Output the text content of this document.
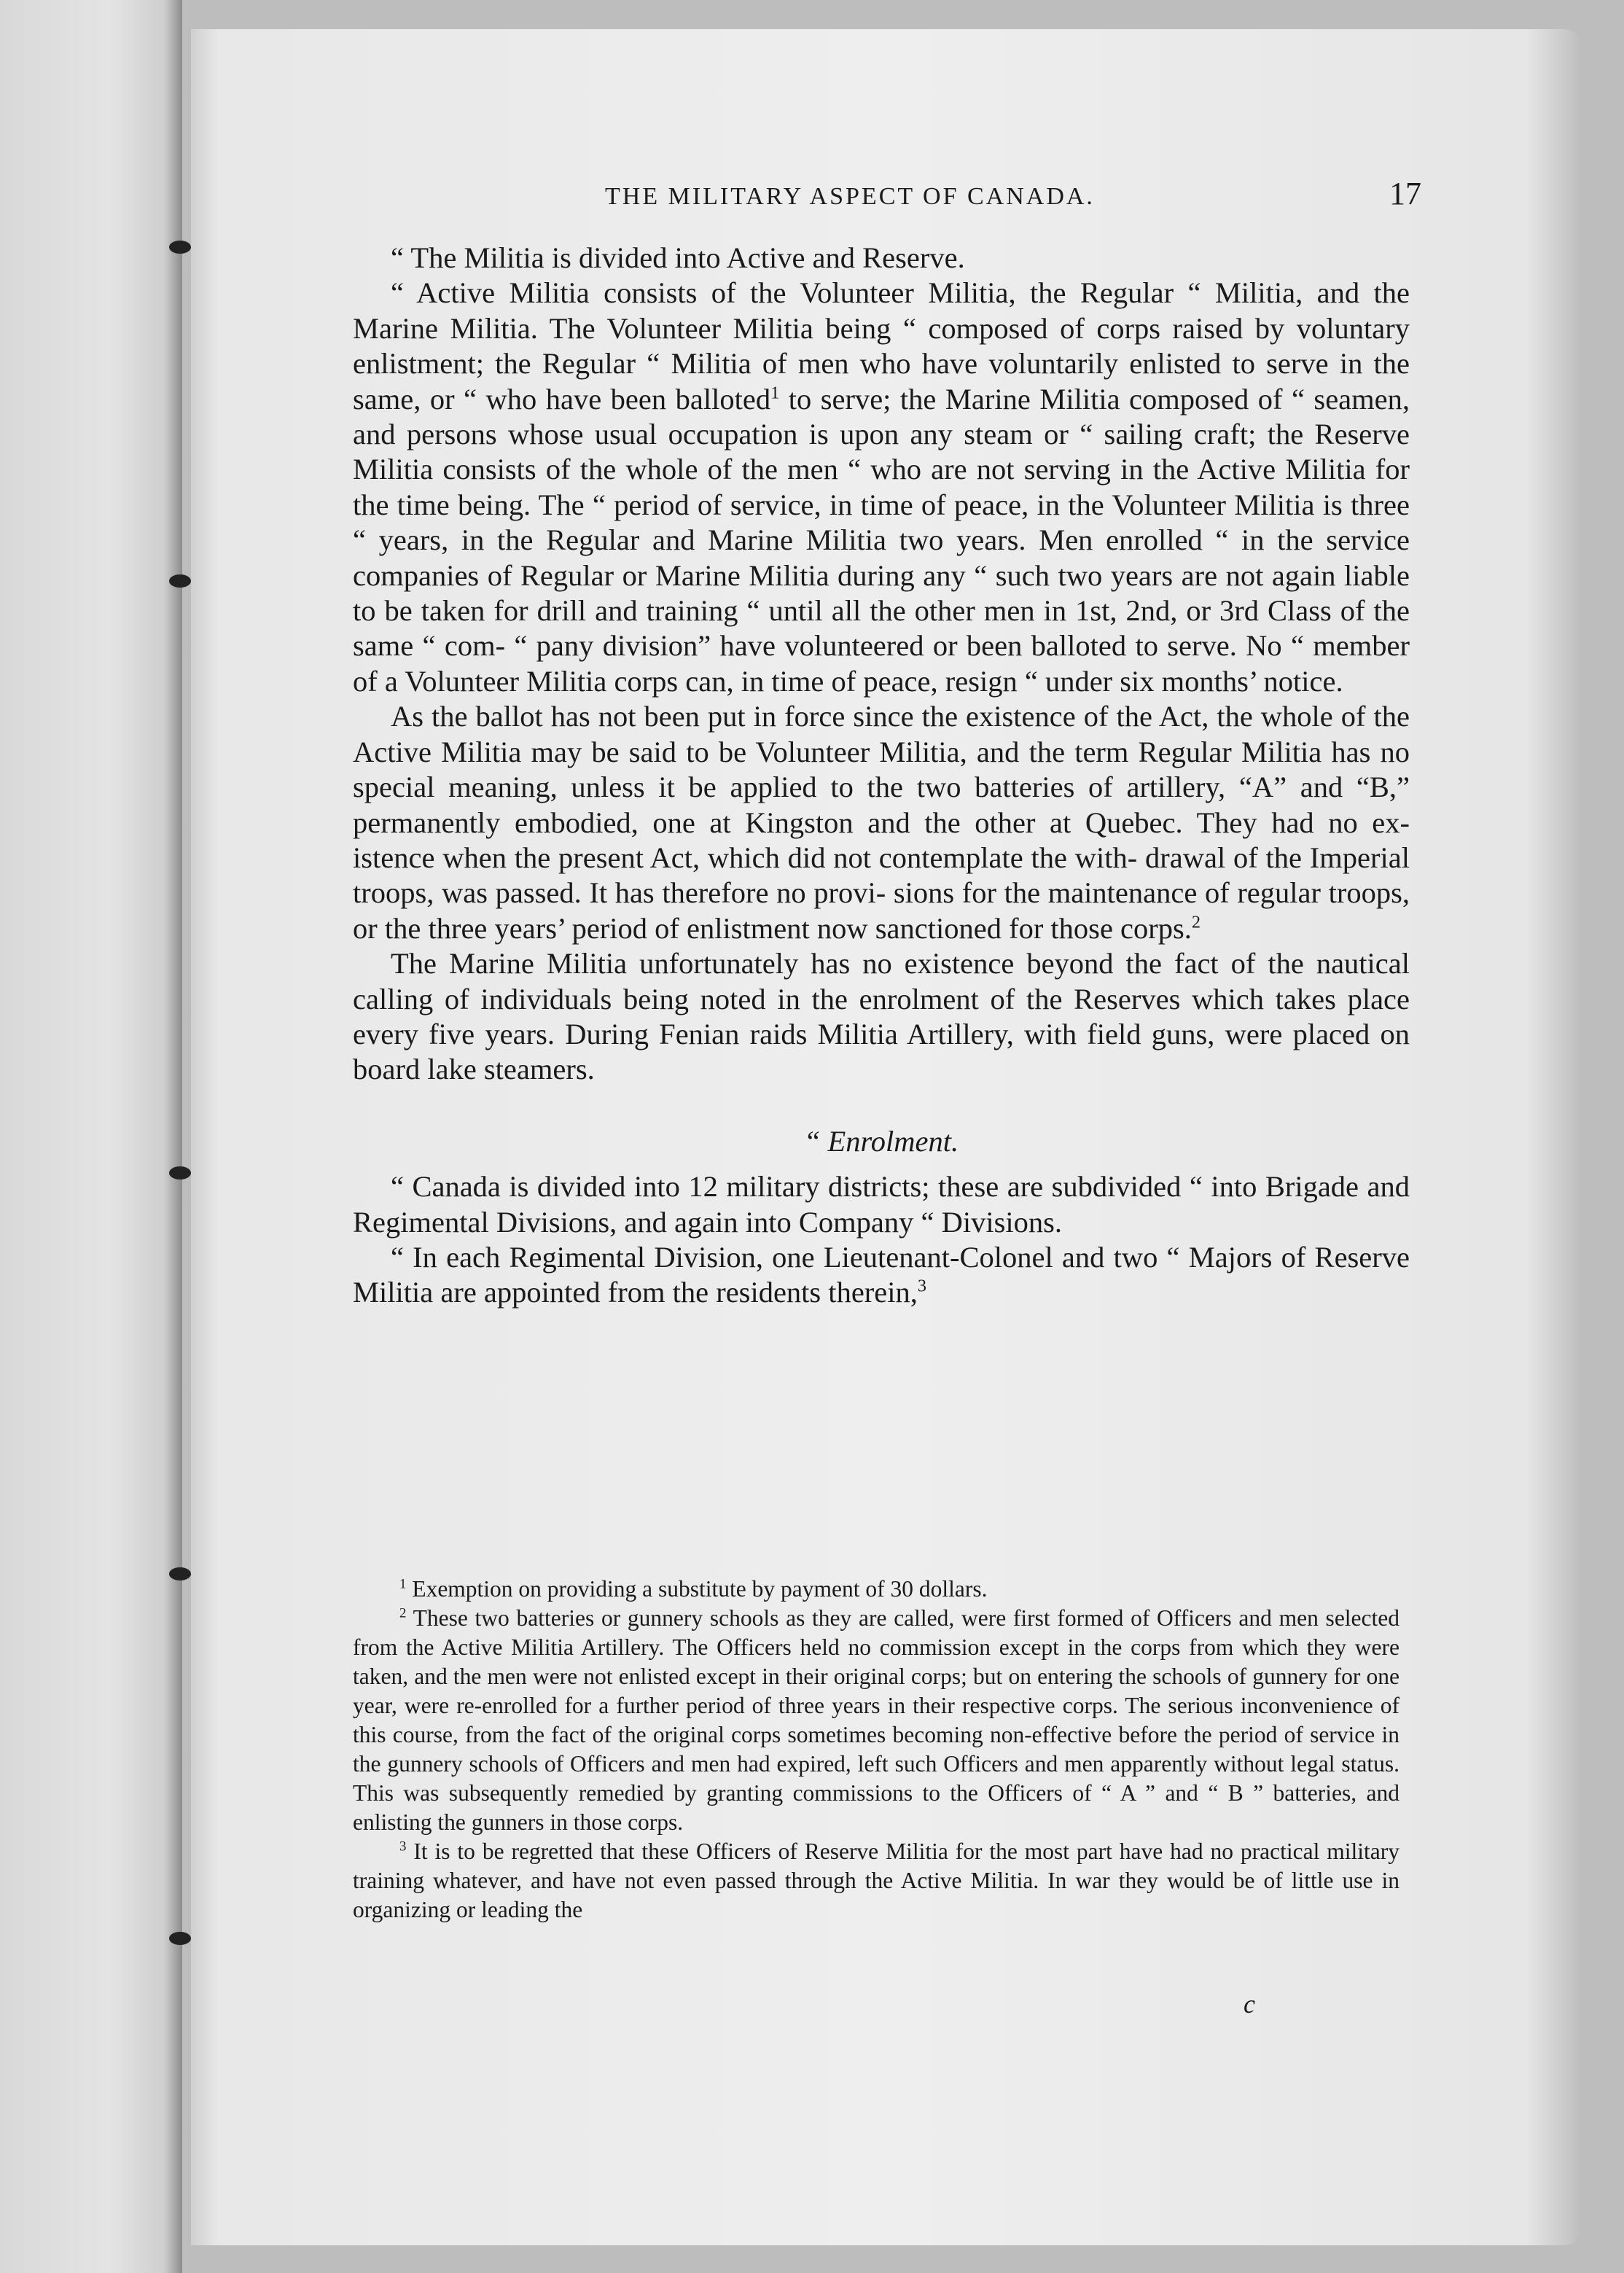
THE MILITARY ASPECT OF CANADA.	17

“ The Militia is divided into Active and Reserve.

“ Active Militia consists of the Volunteer Militia, the Regular “ Militia, and the Marine Militia. The Volunteer Militia being “ composed of corps raised by voluntary enlistment; the Regular “ Militia of men who have voluntarily enlisted to serve in the same, or “ who have been balloted$^1$ to serve; the Marine Militia composed of “ seamen, and persons whose usual occupation is upon any steam or “ sailing craft; the Reserve Militia consists of the whole of the men “ who are not serving in the Active Militia for the time being. The “ period of service, in time of peace, in the Volunteer Militia is three “ years, in the Regular and Marine Militia two years. Men enrolled “ in the service companies of Regular or Marine Militia during any “ such two years are not again liable to be taken for drill and training “ until all the other men in 1st, 2nd, or 3rd Class of the same “ com- “ pany division” have volunteered or been balloted to serve. No “ member of a Volunteer Militia corps can, in time of peace, resign “ under six months’ notice.

As the ballot has not been put in force since the existence of the Act, the whole of the Active Militia may be said to be Volunteer Militia, and the term Regular Militia has no special meaning, unless it be applied to the two batteries of artillery, “A” and “B,” permanently embodied, one at Kingston and the other at Quebec. They had no ex- istence when the present Act, which did not contemplate the with- drawal of the Imperial troops, was passed. It has therefore no provi- sions for the maintenance of regular troops, or the three years’ period of enlistment now sanctioned for those corps.$^2$

The Marine Militia unfortunately has no existence beyond the fact of the nautical calling of individuals being noted in the enrolment of the Reserves which takes place every five years. During Fenian raids Militia Artillery, with field guns, were placed on board lake steamers.

“ Enrolment.

“ Canada is divided into 12 military districts; these are subdivided “ into Brigade and Regimental Divisions, and again into Company “ Divisions.

“ In each Regimental Division, one Lieutenant-Colonel and two “ Majors of Reserve Militia are appointed from the residents therein,$^3$

$^1$ Exemption on providing a substitute by payment of 30 dollars.

$^2$ These two batteries or gunnery schools as they are called, were first formed of Officers and men selected from the Active Militia Artillery. The Officers held no commission except in the corps from which they were taken, and the men were not enlisted except in their original corps; but on entering the schools of gunnery for one year, were re-enrolled for a further period of three years in their respective corps. The serious inconvenience of this course, from the fact of the original corps sometimes becoming non-effective before the period of service in the gunnery schools of Officers and men had expired, left such Officers and men apparently without legal status. This was subsequently remedied by granting commissions to the Officers of “ A ” and “ B ” batteries, and enlisting the gunners in those corps.

$^3$ It is to be regretted that these Officers of Reserve Militia for the most part have had no practical military training whatever, and have not even passed through the Active Militia. In war they would be of little use in organizing or leading the

c
